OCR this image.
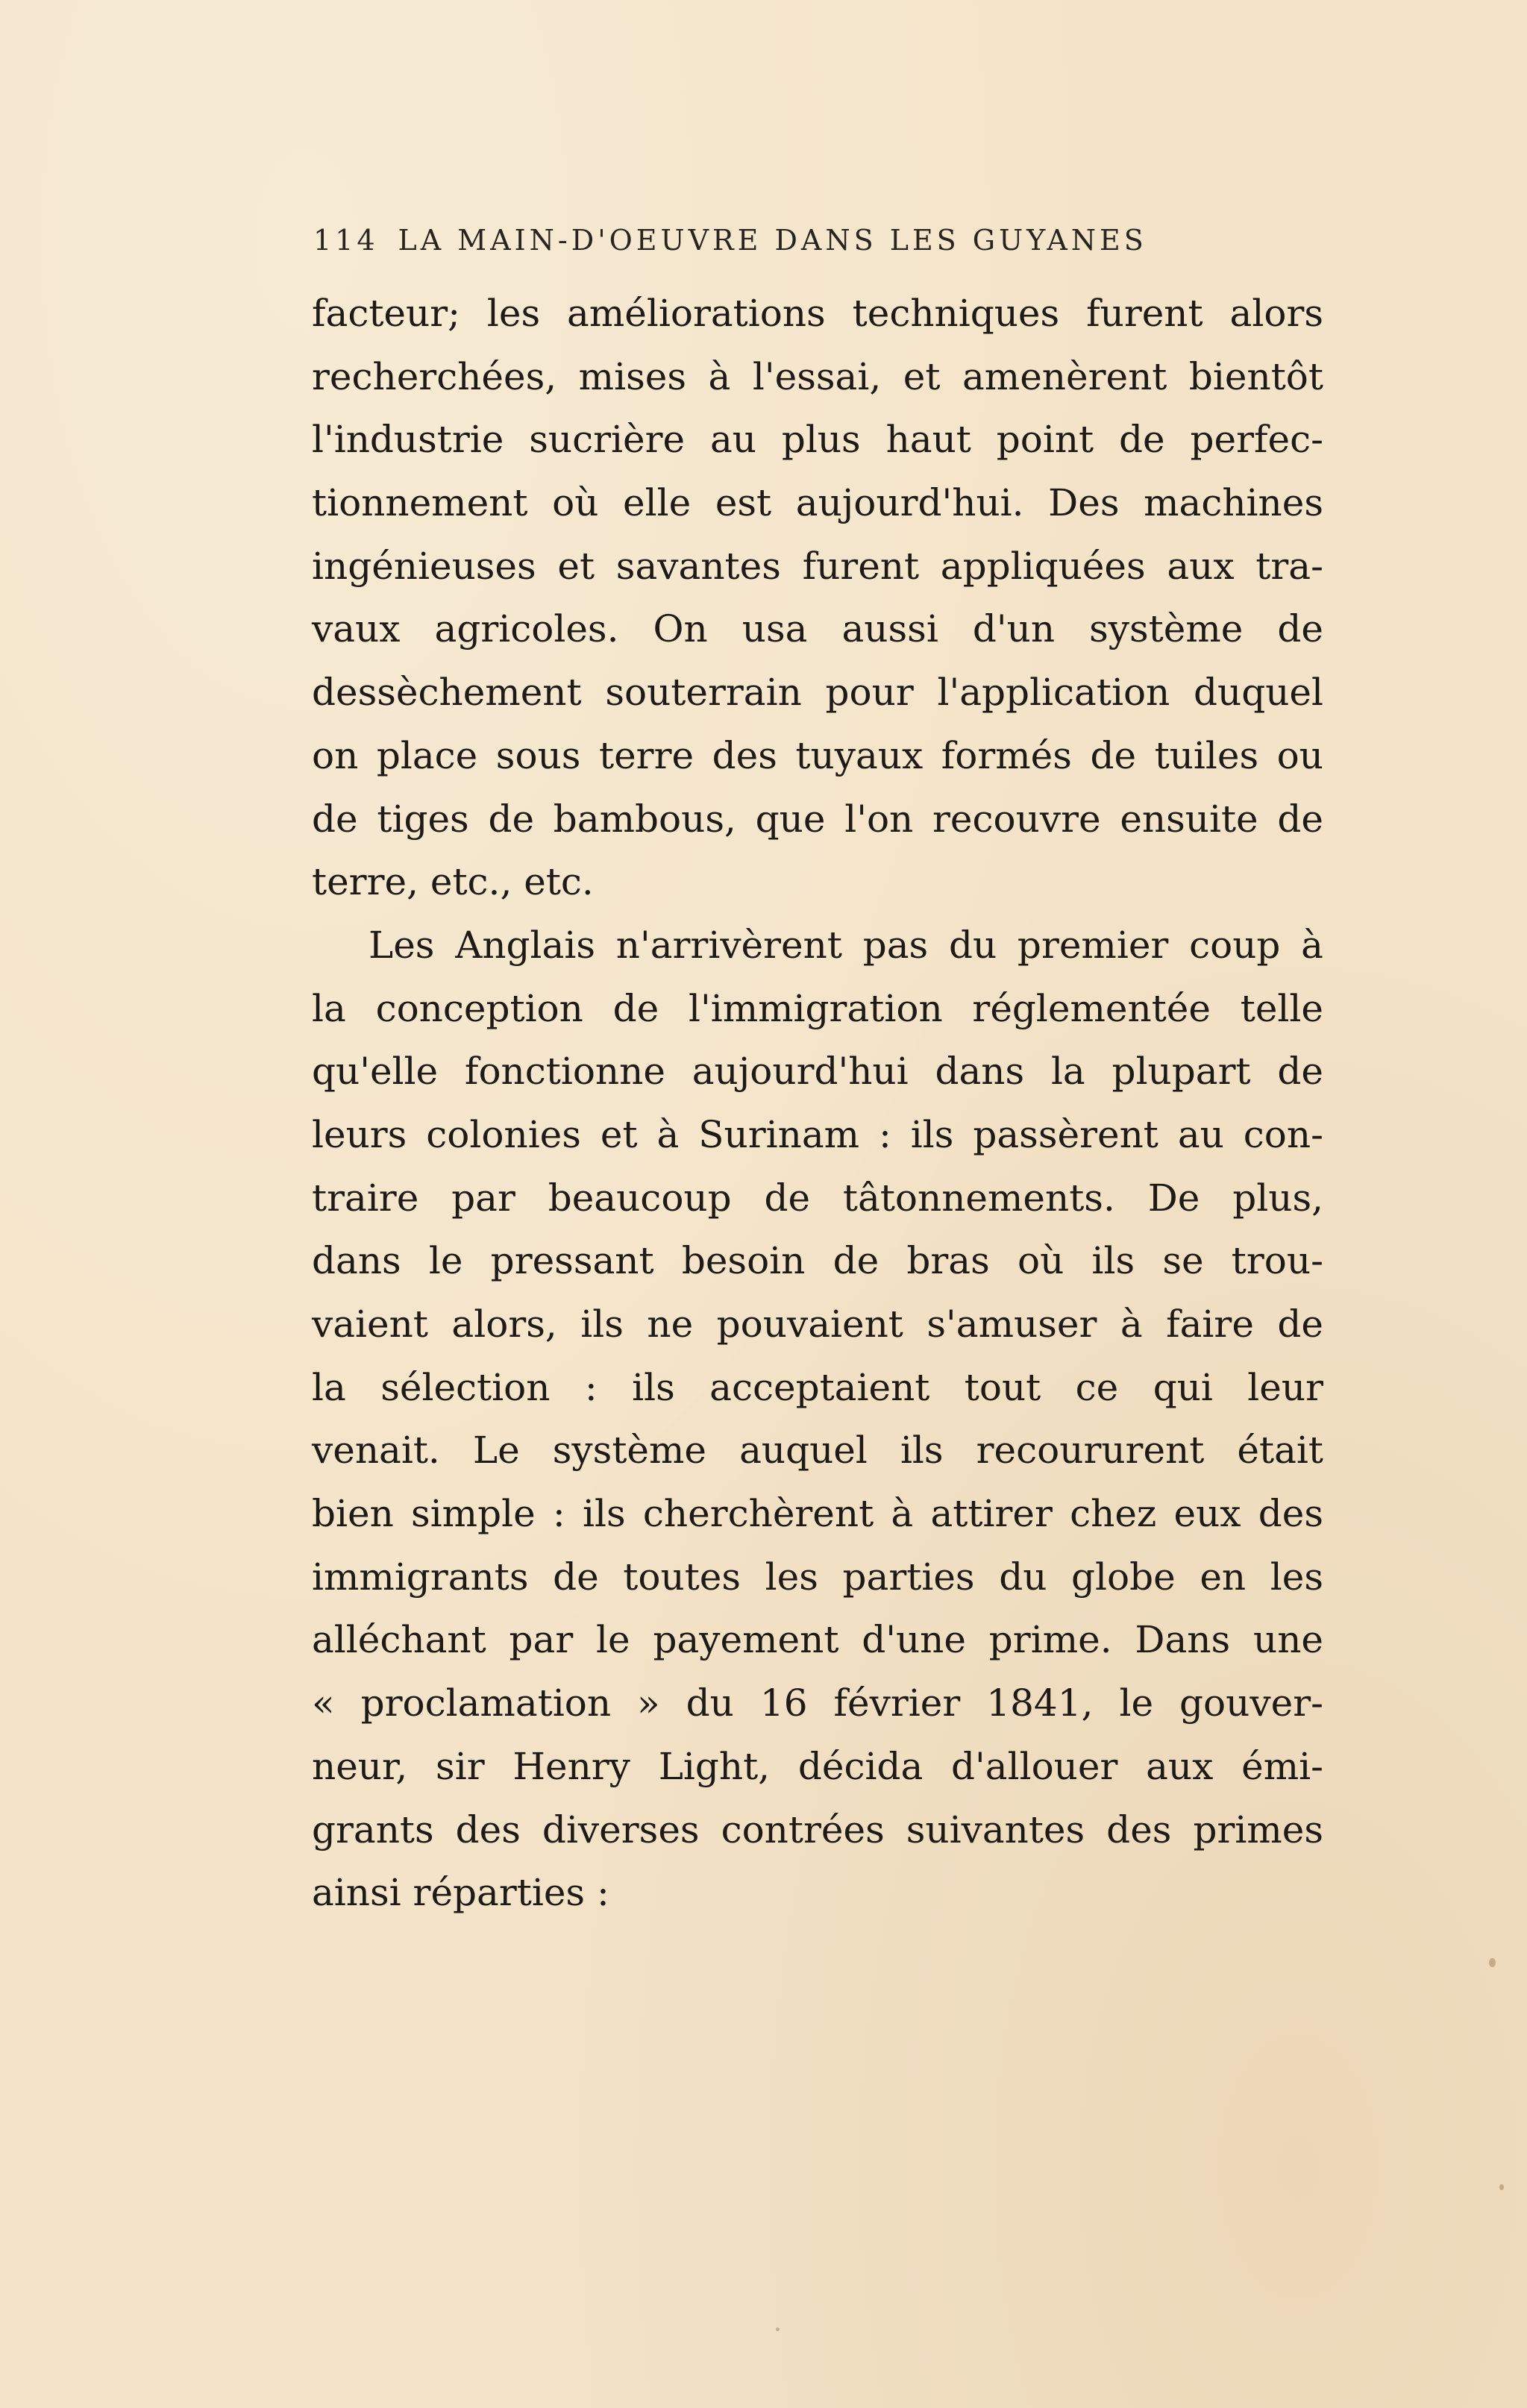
114 LA MAIN-D'OEUVRE DANS LES GUYANES
facteur; les améliorations techniques furent alors
recherchées, mises à l'essai, et amenèrent bientôt
l'industrie sucrière au plus haut point de perfec-
tionnement où elle est aujourd'hui. Des machines
ingénieuses et savantes furent appliquées aux tra-
vaux agricoles. On usa aussi d'un système de
dessèchement souterrain pour l'application duquel
on place sous terre des tuyaux formés de tuiles ou
de tiges de bambous, que l'on recouvre ensuite de
terre, etc., etc.
Les Anglais n'arrivèrent pas du premier coup à
la conception de l'immigration réglementée telle
qu'elle fonctionne aujourd'hui dans la plupart de
leurs colonies et à Surinam : ils passèrent au con-
traire par beaucoup de tâtonnements. De plus,
dans le pressant besoin de bras où ils se trou-
vaient alors, ils ne pouvaient s'amuser à faire de
la sélection : ils acceptaient tout ce qui leur
venait. Le système auquel ils recoururent était
bien simple : ils cherchèrent à attirer chez eux des
immigrants de toutes les parties du globe en les
alléchant par le payement d'une prime. Dans une
« proclamation » du 16 février 1841, le gouver-
neur, sir Henry Light, décida d'allouer aux émi-
grants des diverses contrées suivantes des primes
ainsi réparties :
